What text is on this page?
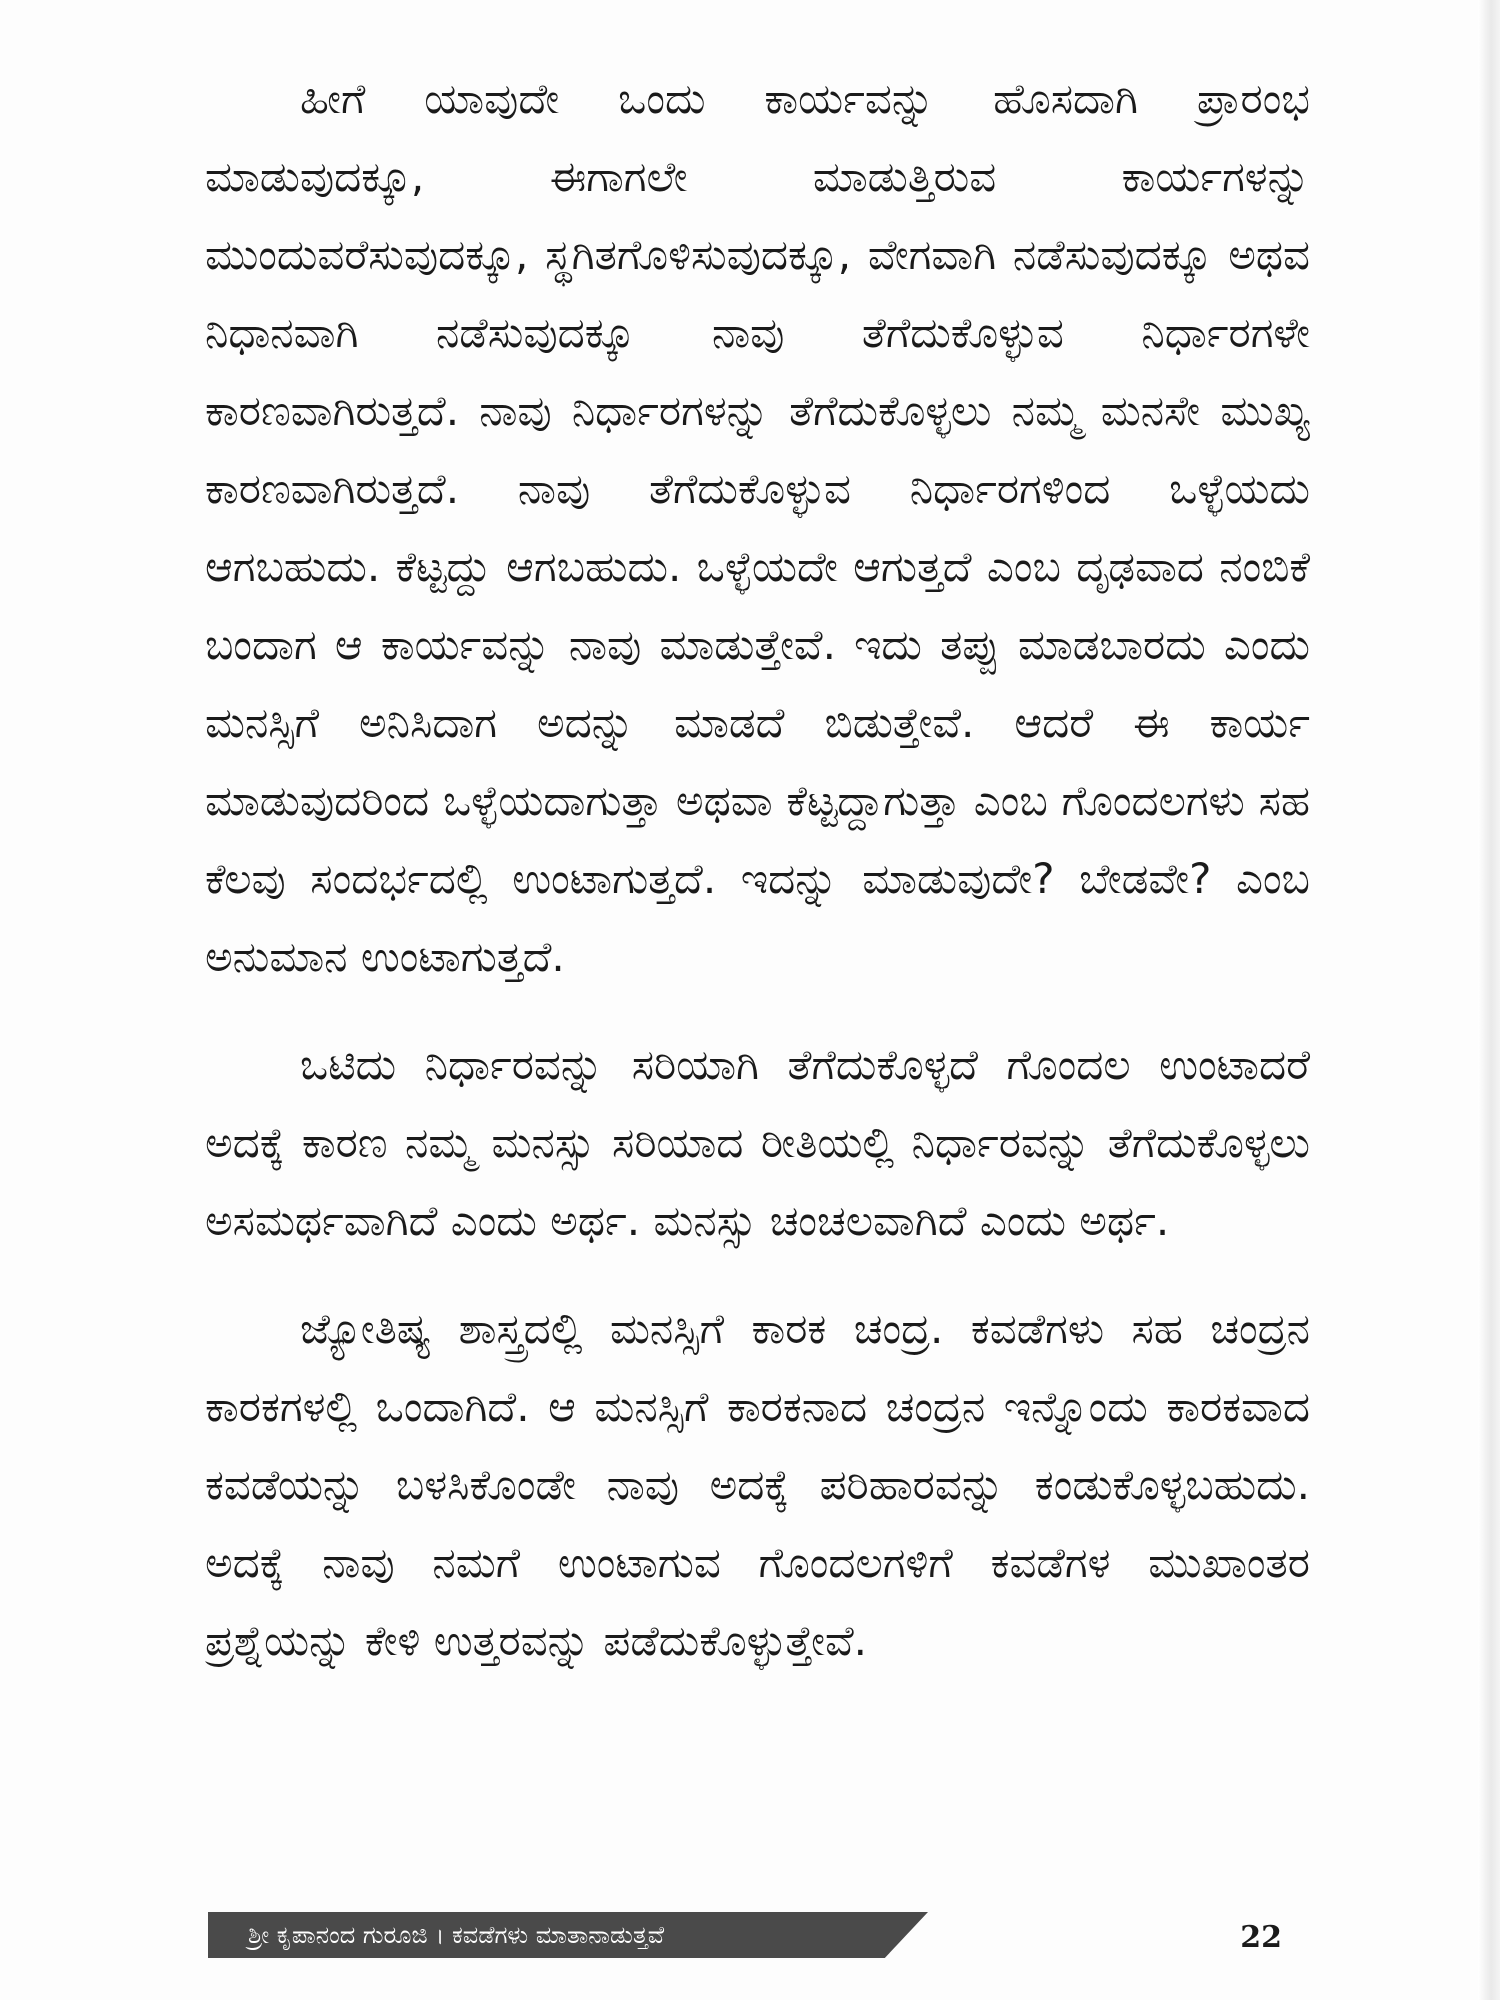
ಹೀಗೆ ಯಾವುದೇ ಒಂದು ಕಾರ್ಯವನ್ನು ಹೊಸದಾಗಿ ಪ್ರಾರಂಭ ಮಾಡುವುದಕ್ಕೂ, ಈಗಾಗಲೇ ಮಾಡುತ್ತಿರುವ ಕಾರ್ಯಗಳನ್ನು ಮುಂದುವರೆಸುವುದಕ್ಕೂ, ಸ್ಥಗಿತಗೊಳಿಸುವುದಕ್ಕೂ, ವೇಗವಾಗಿ ನಡೆಸುವುದಕ್ಕೂ ಅಥವ ನಿಧಾನವಾಗಿ ನಡೆಸುವುದಕ್ಕೂ ನಾವು ತೆಗೆದುಕೊಳ್ಳುವ ನಿರ್ಧಾರಗಳೇ ಕಾರಣವಾಗಿರುತ್ತದೆ. ನಾವು ನಿರ್ಧಾರಗಳನ್ನು ತೆಗೆದುಕೊಳ್ಳಲು ನಮ್ಮ ಮನಸೇ ಮುಖ್ಯ ಕಾರಣವಾಗಿರುತ್ತದೆ. ನಾವು ತೆಗೆದುಕೊಳ್ಳುವ ನಿರ್ಧಾರಗಳಿಂದ ಒಳ್ಳೆಯದು ಆಗಬಹುದು. ಕೆಟ್ಟದ್ದು ಆಗಬಹುದು. ಒಳ್ಳೆಯದೇ ಆಗುತ್ತದೆ ಎಂಬ ದೃಢವಾದ ನಂಬಿಕೆ ಬಂದಾಗ ಆ ಕಾರ್ಯವನ್ನು ನಾವು ಮಾಡುತ್ತೇವೆ. ಇದು ತಪ್ಪು ಮಾಡಬಾರದು ಎಂದು ಮನಸ್ಸಿಗೆ ಅನಿಸಿದಾಗ ಅದನ್ನು ಮಾಡದೆ ಬಿಡುತ್ತೇವೆ. ಆದರೆ ಈ ಕಾರ್ಯ ಮಾಡುವುದರಿಂದ ಒಳ್ಳೆಯದಾಗುತ್ತಾ ಅಥವಾ ಕೆಟ್ಟದ್ದಾಗುತ್ತಾ ಎಂಬ ಗೊಂದಲಗಳು ಸಹ ಕೆಲವು ಸಂದರ್ಭದಲ್ಲಿ ಉಂಟಾಗುತ್ತದೆ. ಇದನ್ನು ಮಾಡುವುದೇ? ಬೇಡವೇ? ಎಂಬ ಅನುಮಾನ ಉಂಟಾಗುತ್ತದೆ.

ಒಟಿದು ನಿರ್ಧಾರವನ್ನು ಸರಿಯಾಗಿ ತೆಗೆದುಕೊಳ್ಳದೆ ಗೊಂದಲ ಉಂಟಾದರೆ ಅದಕ್ಕೆ ಕಾರಣ ನಮ್ಮ ಮನಸ್ಸು ಸರಿಯಾದ ರೀತಿಯಲ್ಲಿ ನಿರ್ಧಾರವನ್ನು ತೆಗೆದುಕೊಳ್ಳಲು ಅಸಮರ್ಥವಾಗಿದೆ ಎಂದು ಅರ್ಥ. ಮನಸ್ಸು ಚಂಚಲವಾಗಿದೆ ಎಂದು ಅರ್ಥ.

ಜ್ಯೋತಿಷ್ಯ ಶಾಸ್ತ್ರದಲ್ಲಿ ಮನಸ್ಸಿಗೆ ಕಾರಕ ಚಂದ್ರ. ಕವಡೆಗಳು ಸಹ ಚಂದ್ರನ ಕಾರಕಗಳಲ್ಲಿ ಒಂದಾಗಿದೆ. ಆ ಮನಸ್ಸಿಗೆ ಕಾರಕನಾದ ಚಂದ್ರನ ಇನ್ನೊಂದು ಕಾರಕವಾದ ಕವಡೆಯನ್ನು ಬಳಸಿಕೊಂಡೇ ನಾವು ಅದಕ್ಕೆ ಪರಿಹಾರವನ್ನು ಕಂಡುಕೊಳ್ಳಬಹುದು. ಅದಕ್ಕೆ ನಾವು ನಮಗೆ ಉಂಟಾಗುವ ಗೊಂದಲಗಳಿಗೆ ಕವಡೆಗಳ ಮುಖಾಂತರ ಪ್ರಶ್ನೆಯನ್ನು ಕೇಳಿ ಉತ್ತರವನ್ನು ಪಡೆದುಕೊಳ್ಳುತ್ತೇವೆ.

ಶ್ರೀ ಕೃಪಾನಂದ ಗುರೂಜಿ । ಕವಡೆಗಳು ಮಾತಾನಾಡುತ್ತವೆ	22
